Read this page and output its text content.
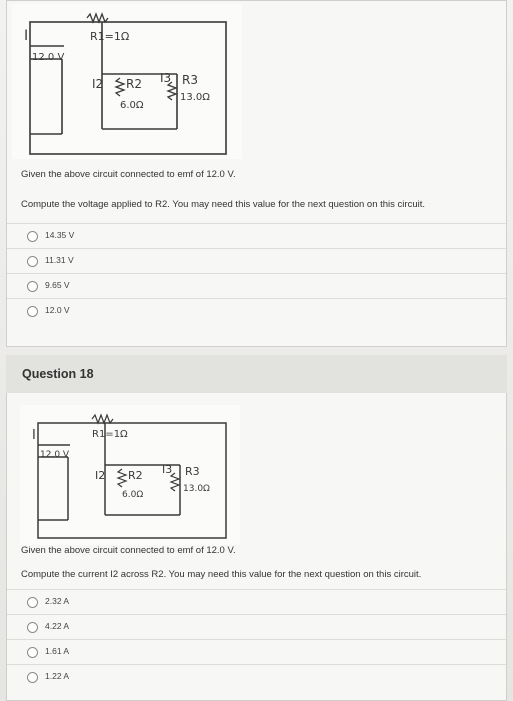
I
12.0 V
R1=1Ω
I2 R2
6.0Ω
I3 R3
13.0Ω
Given the above circuit connected to emf of 12.0 V.
Compute the voltage applied to R2. You may need this value for the next question on this circuit.
14.35 V
11.31 V
9.65 V
12.0 V
Question 18
I
12.0 V
R1=1Ω
I2 R2
6.0Ω
I3 R3
13.0Ω
Given the above circuit connected to emf of 12.0 V.
Compute the current I2 across R2. You may need this value for the next question on this circuit.
2.32 A
4.22 A
1.61 A
1.22 A
